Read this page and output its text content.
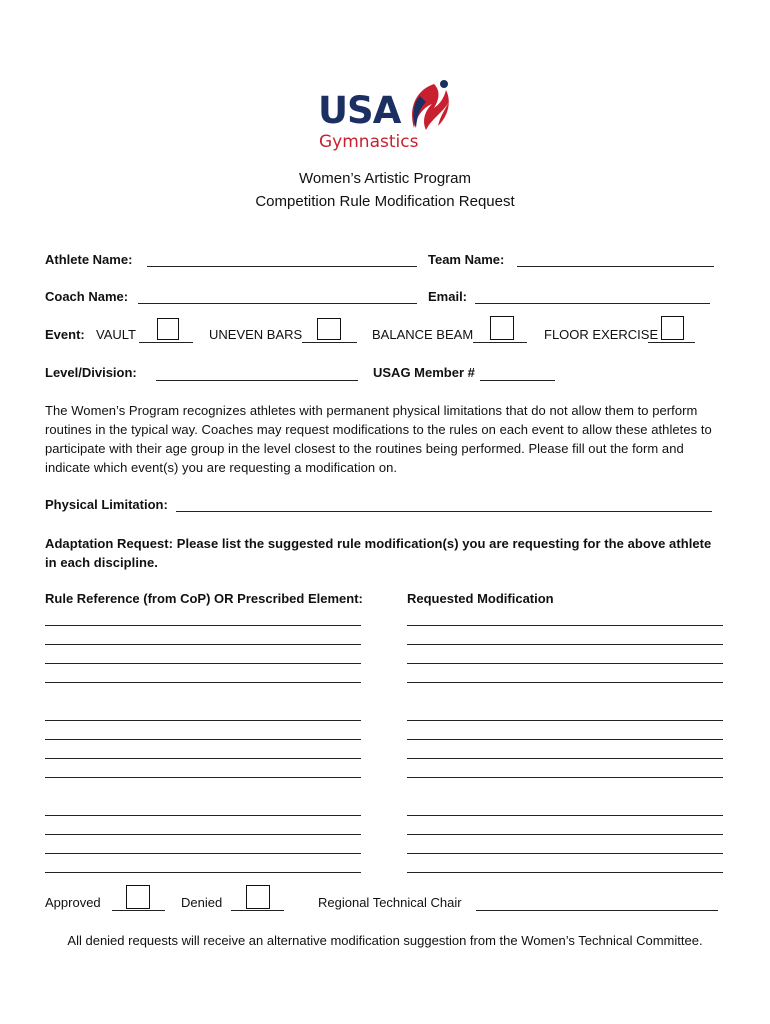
USA
Gymnastics
Women’s Artistic Program
Competition Rule Modification Request
Athlete Name:	Team Name:
Coach Name:	Email:
Event: VAULT	UNEVEN BARS	BALANCE BEAM	FLOOR EXERCISE
Level/Division:	USAG Member #
The Women’s Program recognizes athletes with permanent physical limitations that do not allow them to perform routines in the typical way. Coaches may request modifications to the rules on each event to allow these athletes to participate with their age group in the level closest to the routines being performed. Please fill out the form and indicate which event(s) you are requesting a modification on.
Physical Limitation:
Adaptation Request: Please list the suggested rule modification(s) you are requesting for the above athlete in each discipline.
Rule Reference (from CoP) OR Prescribed Element:	Requested Modification
Approved	Denied	Regional Technical Chair
All denied requests will receive an alternative modification suggestion from the Women’s Technical Committee.
